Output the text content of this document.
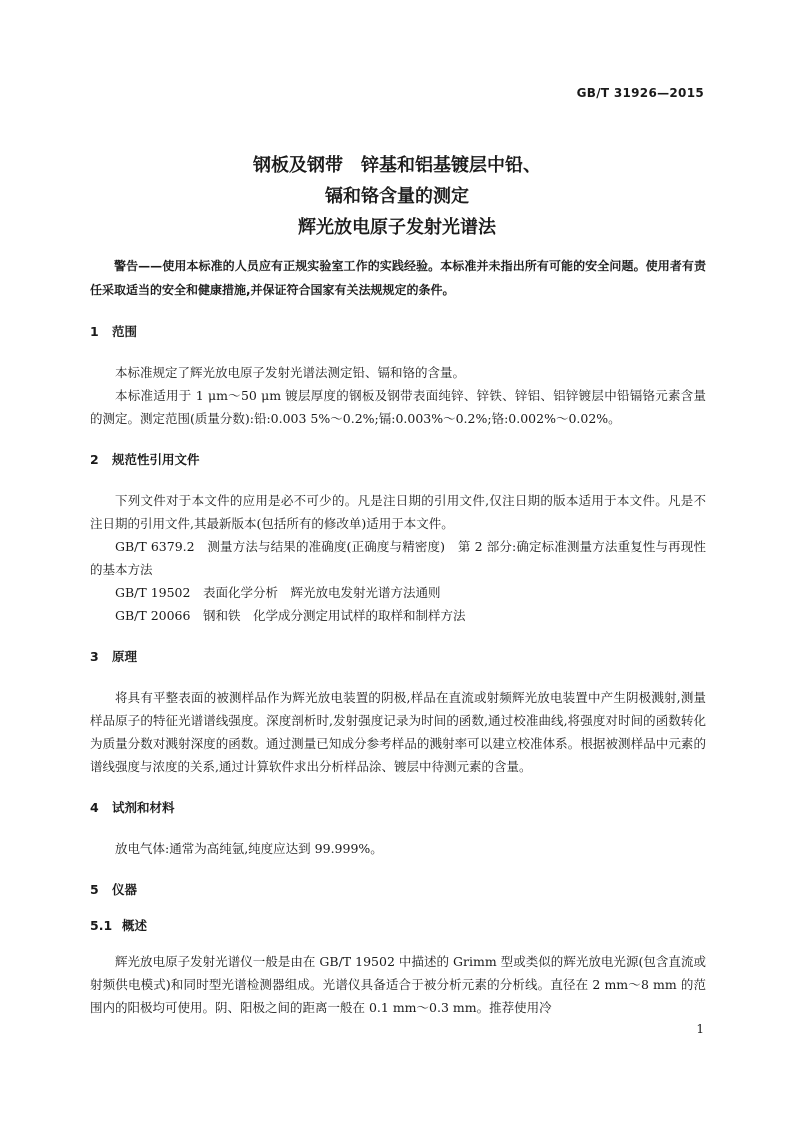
GB/T 31926—2015
钢板及钢带　锌基和铝基镀层中铅、
镉和铬含量的测定
辉光放电原子发射光谱法

警告——使用本标准的人员应有正规实验室工作的实践经验。本标准并未指出所有可能的安全问题。使用者有责任采取适当的安全和健康措施,并保证符合国家有关法规规定的条件。

1 范围

本标准规定了辉光放电原子发射光谱法测定铅、镉和铬的含量。

本标准适用于 1 μm～50 μm 镀层厚度的钢板及钢带表面纯锌、锌铁、锌铝、铝锌镀层中铅镉铬元素含量的测定。测定范围(质量分数):铅:0.003 5%～0.2%;镉:0.003%～0.2%;铬:0.002%～0.02%。

2 规范性引用文件

下列文件对于本文件的应用是必不可少的。凡是注日期的引用文件,仅注日期的版本适用于本文件。凡是不注日期的引用文件,其最新版本(包括所有的修改单)适用于本文件。

GB/T 6379.2　测量方法与结果的准确度(正确度与精密度)　第 2 部分:确定标准测量方法重复性与再现性的基本方法

GB/T 19502　表面化学分析　辉光放电发射光谱方法通则

GB/T 20066　钢和铁　化学成分测定用试样的取样和制样方法

3 原理

将具有平整表面的被测样品作为辉光放电装置的阴极,样品在直流或射频辉光放电装置中产生阴极溅射,测量样品原子的特征光谱谱线强度。深度剖析时,发射强度记录为时间的函数,通过校准曲线,将强度对时间的函数转化为质量分数对溅射深度的函数。通过测量已知成分参考样品的溅射率可以建立校准体系。根据被测样品中元素的谱线强度与浓度的关系,通过计算软件求出分析样品涂、镀层中待测元素的含量。

4 试剂和材料

放电气体:通常为高纯氩,纯度应达到 99.999%。

5 仪器

5.1 概述

辉光放电原子发射光谱仪一般是由在 GB/T 19502 中描述的 Grimm 型或类似的辉光放电光源(包含直流或射频供电模式)和同时型光谱检测器组成。光谱仪具备适合于被分析元素的分析线。直径在 2 mm～8 mm 的范围内的阳极均可使用。阴、阳极之间的距离一般在 0.1 mm～0.3 mm。推荐使用冷

1
